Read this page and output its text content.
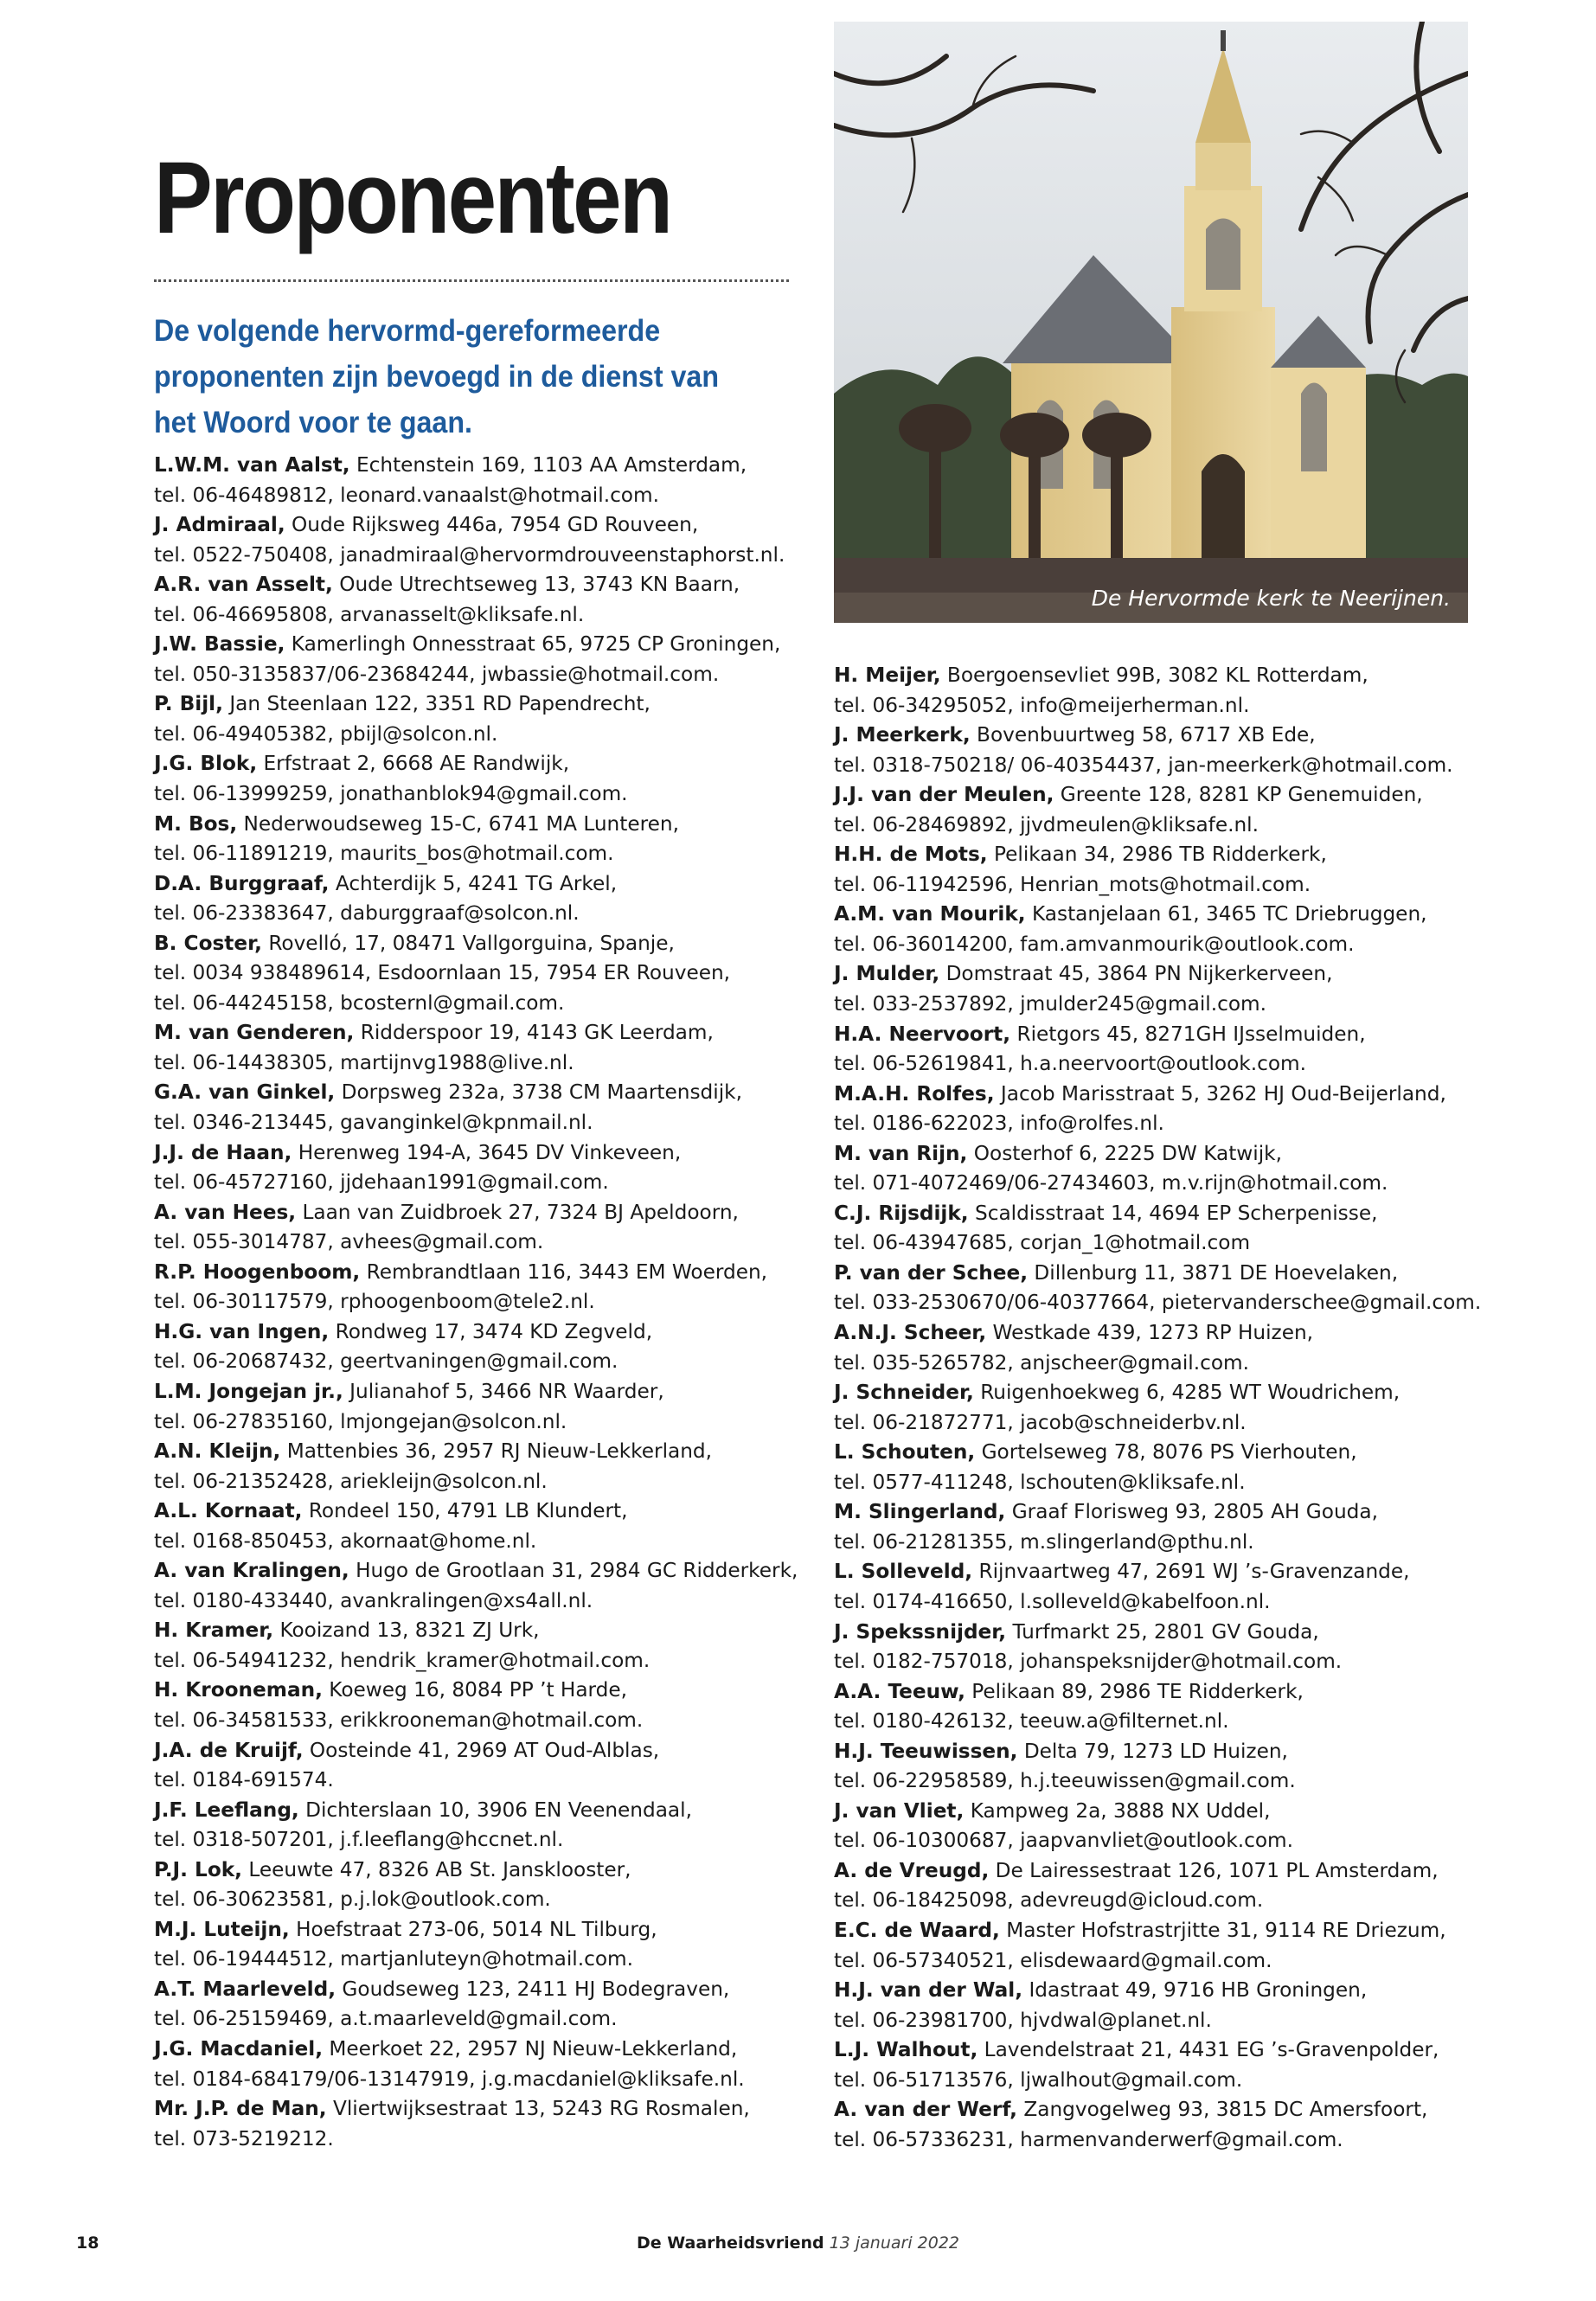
Proponenten

De volgende hervormd-gereformeerde proponenten zijn bevoegd in de dienst van het Woord voor te gaan.

De Hervormde kerk te Neerijnen.
L.W.M. van Aalst, Echtenstein 169, 1103 AA Amsterdam,
tel. 06-46489812, leonard.vanaalst@hotmail.com.
J. Admiraal, Oude Rijksweg 446a, 7954 GD Rouveen,
tel. 0522-750408, janadmiraal@hervormdrouveenstaphorst.nl.
A.R. van Asselt, Oude Utrechtseweg 13, 3743 KN Baarn,
tel. 06-46695808, arvanasselt@kliksafe.nl.
J.W. Bassie, Kamerlingh Onnesstraat 65, 9725 CP Groningen,
tel. 050-3135837/06-23684244, jwbassie@hotmail.com.
P. Bijl, Jan Steenlaan 122, 3351 RD Papendrecht,
tel. 06-49405382, pbijl@solcon.nl.
J.G. Blok, Erfstraat 2, 6668 AE Randwijk,
tel. 06-13999259, jonathanblok94@gmail.com.
M. Bos, Nederwoudseweg 15-C, 6741 MA Lunteren,
tel. 06-11891219, maurits_bos@hotmail.com.
D.A. Burggraaf, Achterdijk 5, 4241 TG Arkel,
tel. 06-23383647, daburggraaf@solcon.nl.
B. Coster, Rovelló, 17, 08471 Vallgorguina, Spanje,
tel. 0034 938489614, Esdoornlaan 15, 7954 ER Rouveen,
tel. 06-44245158, bcosternl@gmail.com.
M. van Genderen, Ridderspoor 19, 4143 GK Leerdam,
tel. 06-14438305, martijnvg1988@live.nl.
G.A. van Ginkel, Dorpsweg 232a, 3738 CM Maartensdijk,
tel. 0346-213445, gavanginkel@kpnmail.nl.
J.J. de Haan, Herenweg 194-A, 3645 DV Vinkeveen,
tel. 06-45727160, jjdehaan1991@gmail.com.
A. van Hees, Laan van Zuidbroek 27, 7324 BJ Apeldoorn,
tel. 055-3014787, avhees@gmail.com.
R.P. Hoogenboom, Rembrandtlaan 116, 3443 EM Woerden,
tel. 06-30117579, rphoogenboom@tele2.nl.
H.G. van Ingen, Rondweg 17, 3474 KD Zegveld,
tel. 06-20687432, geertvaningen@gmail.com.
L.M. Jongejan jr., Julianahof 5, 3466 NR Waarder,
tel. 06-27835160, lmjongejan@solcon.nl.
A.N. Kleijn, Mattenbies 36, 2957 RJ Nieuw-Lekkerland,
tel. 06-21352428, ariekleijn@solcon.nl.
A.L. Kornaat, Rondeel 150, 4791 LB Klundert,
tel. 0168-850453, akornaat@home.nl.
A. van Kralingen, Hugo de Grootlaan 31, 2984 GC Ridderkerk,
tel. 0180-433440, avankralingen@xs4all.nl.
H. Kramer, Kooizand 13, 8321 ZJ Urk,
tel. 06-54941232, hendrik_kramer@hotmail.com.
H. Krooneman, Koeweg 16, 8084 PP ’t Harde,
tel. 06-34581533, erikkrooneman@hotmail.com.
J.A. de Kruijf, Oosteinde 41, 2969 AT Oud-Alblas,
tel. 0184-691574.
J.F. Leeflang, Dichterslaan 10, 3906 EN Veenendaal,
tel. 0318-507201, j.f.leeflang@hccnet.nl.
P.J. Lok, Leeuwte 47, 8326 AB St. Jansklooster,
tel. 06-30623581, p.j.lok@outlook.com.
M.J. Luteijn, Hoefstraat 273-06, 5014 NL Tilburg,
tel. 06-19444512, martjanluteyn@hotmail.com.
A.T. Maarleveld, Goudseweg 123, 2411 HJ Bodegraven,
tel. 06-25159469, a.t.maarleveld@gmail.com.
J.G. Macdaniel, Meerkoet 22, 2957 NJ Nieuw-Lekkerland,
tel. 0184-684179/06-13147919, j.g.macdaniel@kliksafe.nl.
Mr. J.P. de Man, Vliertwijksestraat 13, 5243 RG Rosmalen,
tel. 073-5219212.
H. Meijer, Boergoensevliet 99B, 3082 KL Rotterdam,
tel. 06-34295052, info@meijerherman.nl.
J. Meerkerk, Bovenbuurtweg 58, 6717 XB Ede,
tel. 0318-750218/ 06-40354437, jan-meerkerk@hotmail.com.
J.J. van der Meulen, Greente 128, 8281 KP Genemuiden,
tel. 06-28469892, jjvdmeulen@kliksafe.nl.
H.H. de Mots, Pelikaan 34, 2986 TB Ridderkerk,
tel. 06-11942596, Henrian_mots@hotmail.com.
A.M. van Mourik, Kastanjelaan 61, 3465 TC Driebruggen,
tel. 06-36014200, fam.amvanmourik@outlook.com.
J. Mulder, Domstraat 45, 3864 PN Nijkerkerveen,
tel. 033-2537892, jmulder245@gmail.com.
H.A. Neervoort, Rietgors 45, 8271GH IJsselmuiden,
tel. 06-52619841, h.a.neervoort@outlook.com.
M.A.H. Rolfes, Jacob Marisstraat 5, 3262 HJ Oud-Beijerland,
tel. 0186-622023, info@rolfes.nl.
M. van Rijn, Oosterhof 6, 2225 DW Katwijk,
tel. 071-4072469/06-27434603, m.v.rijn@hotmail.com.
C.J. Rijsdijk, Scaldisstraat 14, 4694 EP Scherpenisse,
tel. 06-43947685, corjan_1@hotmail.com
P. van der Schee, Dillenburg 11, 3871 DE Hoevelaken,
tel. 033-2530670/06-40377664, pietervanderschee@gmail.com.
A.N.J. Scheer, Westkade 439, 1273 RP Huizen,
tel. 035-5265782, anjscheer@gmail.com.
J. Schneider, Ruigenhoekweg 6, 4285 WT Woudrichem,
tel. 06-21872771, jacob@schneiderbv.nl.
L. Schouten, Gortelseweg 78, 8076 PS Vierhouten,
tel. 0577-411248, lschouten@kliksafe.nl.
M. Slingerland, Graaf Florisweg 93, 2805 AH Gouda,
tel. 06-21281355, m.slingerland@pthu.nl.
L. Solleveld, Rijnvaartweg 47, 2691 WJ ’s-Gravenzande,
tel. 0174-416650, l.solleveld@kabelfoon.nl.
J. Spekssnijder, Turfmarkt 25, 2801 GV Gouda,
tel. 0182-757018, johanspeksnijder@hotmail.com.
A.A. Teeuw, Pelikaan 89, 2986 TE Ridderkerk,
tel. 0180-426132, teeuw.a@filternet.nl.
H.J. Teeuwissen, Delta 79, 1273 LD Huizen,
tel. 06-22958589, h.j.teeuwissen@gmail.com.
J. van Vliet, Kampweg 2a, 3888 NX Uddel,
tel. 06-10300687, jaapvanvliet@outlook.com.
A. de Vreugd, De Lairessestraat 126, 1071 PL Amsterdam,
tel. 06-18425098, adevreugd@icloud.com.
E.C. de Waard, Master Hofstrastrjitte 31, 9114 RE Driezum,
tel. 06-57340521, elisdewaard@gmail.com.
H.J. van der Wal, Idastraat 49, 9716 HB Groningen,
tel. 06-23981700, hjvdwal@planet.nl.
L.J. Walhout, Lavendelstraat 21, 4431 EG ’s-Gravenpolder,
tel. 06-51713576, ljwalhout@gmail.com.
A. van der Werf, Zangvogelweg 93, 3815 DC Amersfoort,
tel. 06-57336231, harmenvanderwerf@gmail.com.
18	De Waarheidsvriend 13 januari 2022
